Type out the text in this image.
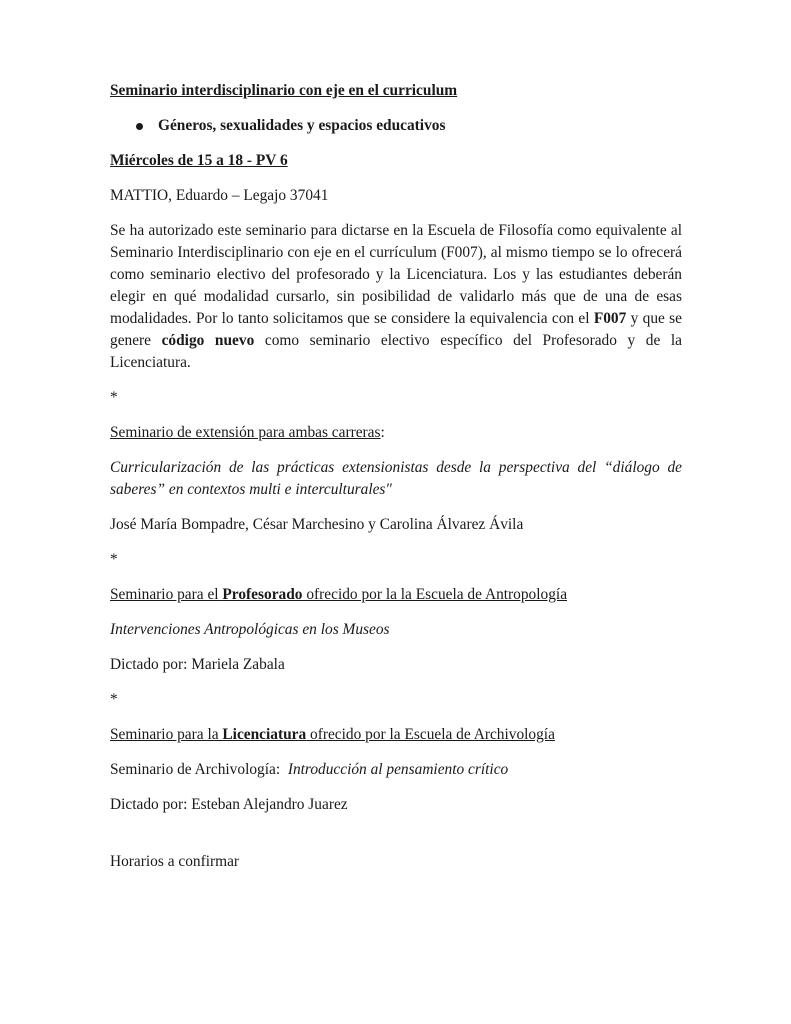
Seminario interdisciplinario con eje en el curriculum

Géneros, sexualidades y espacios educativos

Miércoles de 15 a 18 - PV 6

MATTIO, Eduardo – Legajo 37041

Se ha autorizado este seminario para dictarse en la Escuela de Filosofía como equivalente al Seminario Interdisciplinario con eje en el currículum (F007), al mismo tiempo se lo ofrecerá como seminario electivo del profesorado y la Licenciatura. Los y las estudiantes deberán elegir en qué modalidad cursarlo, sin posibilidad de validarlo más que de una de esas modalidades. Por lo tanto solicitamos que se considere la equivalencia con el F007 y que se genere código nuevo como seminario electivo específico del Profesorado y de la Licenciatura.

*

Seminario de extensión para ambas carreras:

Curricularización de las prácticas extensionistas desde la perspectiva del “diálogo de saberes” en contextos multi e interculturales"

José María Bompadre, César Marchesino y Carolina Álvarez Ávila

*

Seminario para el Profesorado ofrecido por la la Escuela de Antropología

Intervenciones Antropológicas en los Museos

Dictado por: Mariela Zabala

*

Seminario para la Licenciatura ofrecido por la Escuela de Archivología

Seminario de Archivología:  Introducción al pensamiento crítico

Dictado por: Esteban Alejandro Juarez

Horarios a confirmar
